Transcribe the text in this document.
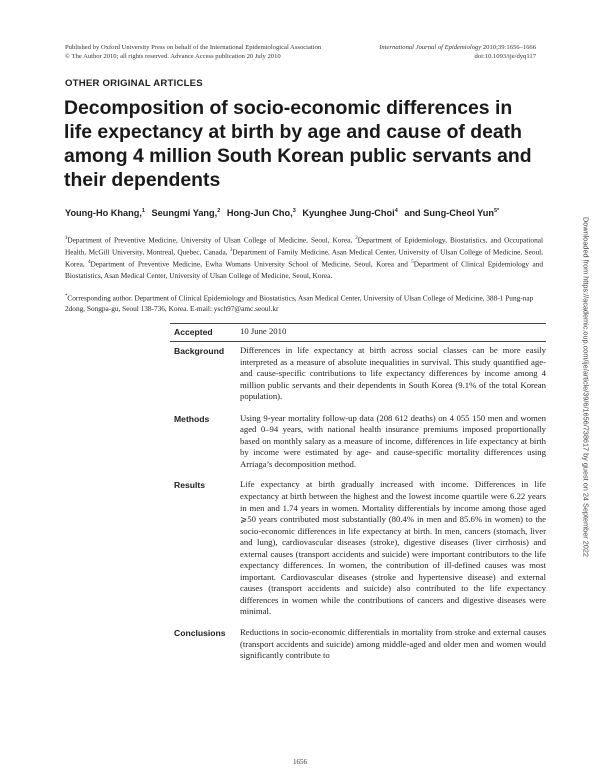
Published by Oxford University Press on behalf of the International Epidemiological Association
© The Author 2010; all rights reserved. Advance Access publication 20 July 2010
International Journal of Epidemiology 2010;39:1656–1666
doi:10.1093/ije/dyq117
OTHER ORIGINAL ARTICLES
Decomposition of socio-economic differences in life expectancy at birth by age and cause of death among 4 million South Korean public servants and their dependents
Young-Ho Khang,$^1$ Seungmi Yang,$^2$ Hong-Jun Cho,$^3$ Kyunghee Jung-Choi$^4$ and Sung-Cheol Yun$^{5*}$

$^1$Department of Preventive Medicine, University of Ulsan College of Medicine, Seoul, Korea, $^2$Department of Epidemiology, Biostatistics, and Occupational Health, McGill University, Montreal, Quebec, Canada, $^3$Department of Family Medicine, Asan Medical Center, University of Ulsan College of Medicine, Seoul, Korea, $^4$Department of Preventive Medicine, Ewha Womans University School of Medicine, Seoul, Korea and $^5$Department of Clinical Epidemiology and Biostatistics, Asan Medical Center, University of Ulsan College of Medicine, Seoul, Korea.

*Corresponding author. Department of Clinical Epidemiology and Biostatistics, Asan Medical Center, University of Ulsan College of Medicine, 388-1 Pung-nap 2dong, Songpa-gu, Seoul 138-736, Korea. E-mail: ysch97@amc.seoul.kr

Accepted	10 June 2010

Background	Differences in life expectancy at birth across social classes can be more easily interpreted as a measure of absolute inequalities in survival. This study quantified age- and cause-specific contributions to life expectancy differences by income among 4 million public servants and their dependents in South Korea (9.1% of the total Korean population).

Methods	Using 9-year mortality follow-up data (208 612 deaths) on 4 055 150 men and women aged 0–94 years, with national health insurance premiums imposed proportionally based on monthly salary as a measure of income, differences in life expectancy at birth by income were estimated by age- and cause-specific mortality differences using Arriaga’s decomposition method.

Results	Life expectancy at birth gradually increased with income. Differences in life expectancy at birth between the highest and the lowest income quartile were 6.22 years in men and 1.74 years in women. Mortality differentials by income among those aged ⩾50 years contributed most substantially (80.4% in men and 85.6% in women) to the socio-economic differences in life expectancy at birth. In men, cancers (stomach, liver and lung), cardiovascular diseases (stroke), digestive diseases (liver cirrhosis) and external causes (transport accidents and suicide) were important contributors to the life expectancy differences. In women, the contribution of ill-defined causes was most important. Cardiovascular diseases (stroke and hypertensive disease) and external causes (transport accidents and suicide) also contributed to the life expectancy differences in women while the contributions of cancers and digestive diseases were minimal.

Conclusions	Reductions in socio-economic differentials in mortality from stroke and external causes (transport accidents and suicide) among middle-aged and older men and women would significantly contribute to

1656
Downloaded from https://academic.oup.com/ije/article/39/6/1656/738617 by guest on 24 September 2022
